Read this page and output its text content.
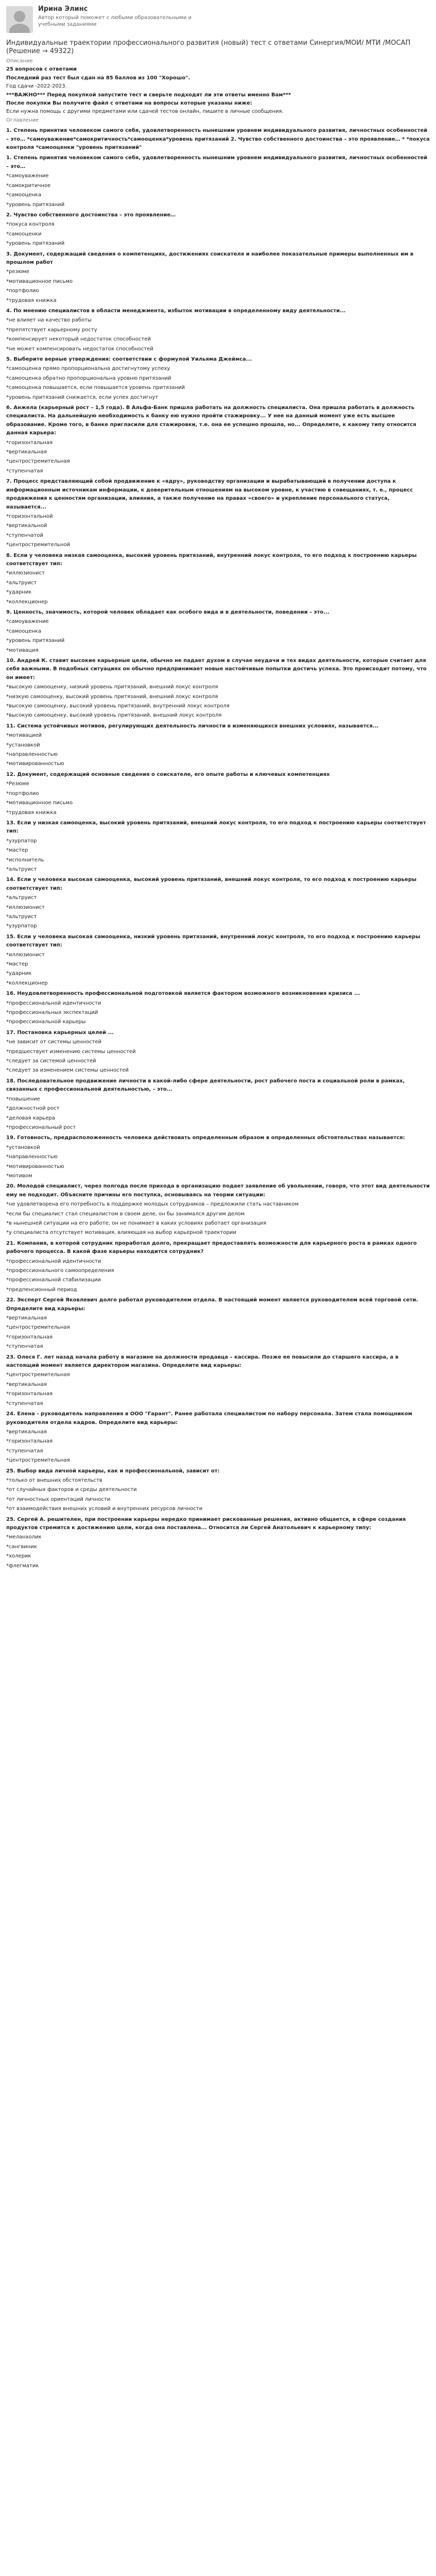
Ирина Элинс
Автор который поможет с любыми образовательными и учебными заданиями
Индивидуальные траектории профессионального развития (новый) тест с ответами Синергия/МОИ/ МТИ /МОСАП (Решение → 49322)

Описание

25 вопросов с ответами

Последний раз тест был сдан на 85 баллов из 100 "Хорошо".

Год сдачи -2022-2023.

***ВАЖНО*** Перед покупкой запустите тест и сверьте подходят ли эти ответы именно Вам***

После покупки Вы получите файл с ответами на вопросы которые указаны ниже:

Если нужна помощь с другими предметами или сдачей тестов онлайн, пишите в личные сообщения.

Оглавление

1. Степень принятия человеком самого себя, удовлетворенность нынешним уровнем индивидуального развития, личностных особенностей – это… *самоуважение*самокритичность*самооценка*уровень притязаний 2. Чувство собственного достоинства – это проявление… * *покуса контроля *самооценки "уровень притязаний"

1. Степень принятия человеком самого себя, удовлетворенность нынешним уровнем индивидуального развития, личностных особенностей – это…

*самоуважение

*самокритичное

*самооценка

*уровень притязаний

2. Чувство собственного достоинства – это проявление…

*покуса контроля

*самооценки

*уровень притязаний

3. Документ, содержащий сведения о компетенциях, достижениях соискателя и наиболее показательные примеры выполненных им в прошлом работ

*резюме

*мотивационное письмо

*портфолио

*трудовая книжка

4. По мнению специалистов в области менеджмента, избыток мотивации в определенному виду деятельности...

*не влияет на качество работы

*препятствует карьерному росту

*компенсирует некоторый недостаток способностей

*не может компенсировать недостаток способностей

5. Выберите верные утверждения: соответствии с формулой Уильяма Джеймса...

*самооценка прямо пропорциональна достигнутому успеху

*самооценка обратно пропорциональна уровню притязаний

*самооценка повышается, если повышается уровень притязаний

*уровень притязаний снижается, если успех достигнут

6. Анжела (карьерный рост – 1,5 года). В Альфа-Банк пришла работать на должность специалиста. Она пришла работать в должность специалиста. На дальнейшую необходимость к банку ею нужно пройти стажировку... У нее на данный момент уже есть высшее образование. Кроме того, в банке пригласили для стажировки, т.е. она ее успешно прошла, но... Определите, к какому типу относится данная карьера:

*горизонтальная

*вертикальная

*центростремительная

*ступенчатая

7. Процесс представляющий собой продвижение к «ядру», руководству организации и вырабатывающий в получении доступа к информационным источникам информации, к доверительным отношениям на высоком уровне, к участию в совещаниях, т. е., процесс продвижения к ценностям организации, влияния, а также получение на правах «своего» и укрепление персонального статуса, называется...

*горизонтальной

*вертикальной

*ступенчатой

*центростремительной

8. Если у человека низкая самооценка, высокий уровень притязаний, внутренний локус контроля, то его подход к построению карьеры соответствует тип:

*иллюзионист

*альтруист

*ударник

*коллекционер

9. Ценность, значимость, которой человек обладает как особого вида и в деятельности, поведении – это...

*самоуважение

*самооценка

*уровень притязаний

*мотивация

10. Андрей К. ставит высокие карьерные цели, обычно не падает духом в случае неудачи и тех видах деятельности, которые считает для себя важными. В подобных ситуациях он обычно предпринимает новые настойчивые попытки достичь успеха. Это происходит потому, что он имеет:

*высокую самооценку, низкий уровень притязаний, внешний локус контроля

*низкую самооценку, высокий уровень притязаний, внешний локус контроля

*высокую самооценку, высокий уровень притязаний, внутренний локус контроля

*высокую самооценку, высокий уровень притязаний, внешний локус контроля

11. Система устойчивых мотивов, регулирующих деятельность личности в изменяющихся внешних условиях, называется...

*мотивацией

*установкой

*направленностью

*мотивированностью

12. Документ, содержащий основные сведения о соискателе, его опыте работы и ключевых компетенциях

*Резюме

*портфолио

*мотивационное письмо

*трудовая книжка

13. Если у низкая самооценка, высокий уровень притязаний, внешний локус контроля, то его подход к построению карьеры соответствует тип:

*узурпатор

*мастер

*исполнитель

*альтруист

14. Если у человека высокая самооценка, высокий уровень притязаний, внешний локус контроля, то его подход к построению карьеры соответствует тип:

*альтруист

*иллюзионист

*альтруист

*узурпатор

15. Если у человека высокая самооценка, низкий уровень притязаний, внутренний локус контроля, то его подход к построению карьеры соответствует тип:

*иллюзионист

*мастер

*ударник

*коллекционер

16. Неудовлетворенность профессиональной подготовкой является фактором возможного возникновения кризиса ...

*профессиональной идентичности

*профессиональных экспектаций

*профессиональной карьеры

17. Постановка карьерных целей ...

*не зависит от системы ценностей

*предшествует изменению системы ценностей

*следует за системой ценностей

*следует за изменением системы ценностей

18. Последовательное продвижение личности в какой-либо сфере деятельности, рост рабочего поста и социальной роли в рамках, связанных с профессиональной деятельностью, – это...

*повышение

*должностной рост

*деловая карьера

*профессиональный рост

19. Готовность, предрасположенность человека действовать определенным образом в определенных обстоятельствах называется:

*установкой

*направленностью

*мотивированностью

*мотивом

20. Молодой специалист, через полгода после прихода в организацию подает заявление об увольнении, говоря, что этот вид деятельности ему не подходит. Объясните причины его поступка, основываясь на теории ситуации:

*не удовлетворена его потребность в поддержке молодых сотрудников – предложили стать наставником

*если бы специалист стал специалистом в своем деле, он бы занимался другим делом

*в нынешней ситуации на его работе, он не понимает в каких условиях работает организация

*у специалиста отсутствует мотивация, влияющая на выбор карьерной траектории

21. Компания, в которой сотрудник проработал долго, прекращает предоставлять возможности для карьерного роста в рамках одного рабочего процесса. В какой фазе карьеры находится сотрудник?

*профессиональной идентичности

*профессионального самоопределения

*профессиональной стабилизации

*предпенсионный период

22. Эксперт Сергей Яковлевич долго работал руководителем отдела. В настоящий момент является руководителем всей торговой сети. Определите вид карьеры:

*вертикальная

*центростремительная

*горизонтальная

*ступенчатая

23. Олеся Г. лет назад начала работу в магазине на должности продавца – кассира. Позже ее повысили до старшего кассира, а в настоящий момент является директором магазина. Определите вид карьеры:

*центростремительная

*вертикальная

*горизонтальная

*ступенчатая

24. Елена - руководитель направления в ООО "Гарант". Ранее работала специалистом по набору персонала. Затем стала помощником руководителя отдела кадров. Определите вид карьеры:

*вертикальная

*горизонтальная

*ступенчатая

*центростремительная

25. Выбор вида личной карьеры, как и профессиональной, зависит от:

*только от внешних обстоятельств

*от случайных факторов и среды деятельности

*от личностных ориентаций личности

*от взаимодействия внешних условий и внутренних ресурсов личности

25. Сергей А. решителен, при построении карьеры нередко принимает рискованные решения, активно общается, в сфере создания продуктов стремится к достижению цели, когда она поставлена... Относится ли Сергей Анатольевич к карьерному типу:

*меланхолик

*сангвиник

*холерик

*флегматик
